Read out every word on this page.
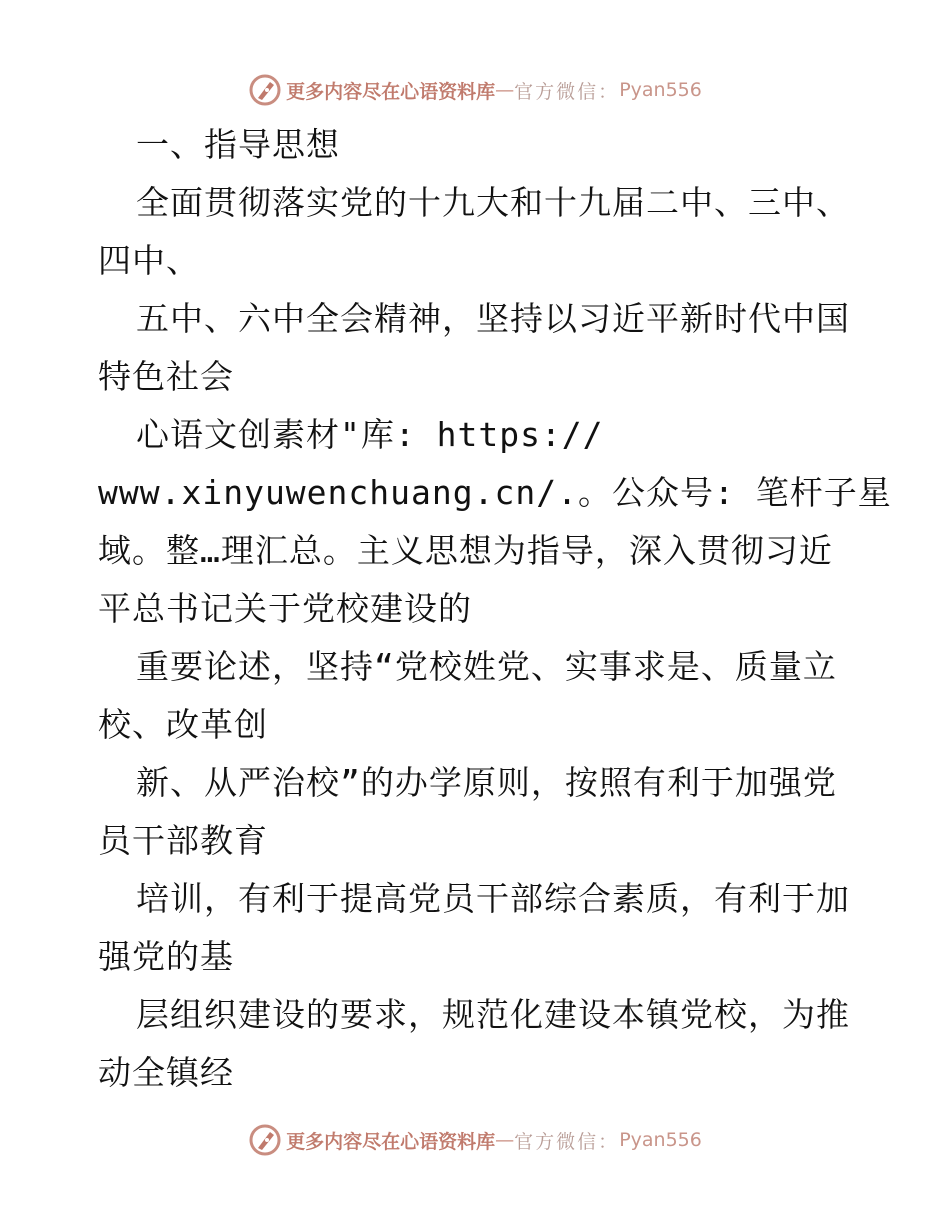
更多内容尽在心语资料库 — 官方微信： Pyan556
一、指导思想
全面贯彻落实党的十九大和十九届二中、三中、
四中、
五中、六中全会精神，坚持以习近平新时代中国
特色社会
心语文创素材"库: https://
www.xinyuwenchuang.cn/.。公众号: 笔杆子星
域。整…理汇总。主义思想为指导，深入贯彻习近
平总书记关于党校建设的
重要论述，坚持“党校姓党、实事求是、质量立
校、改革创
新、从严治校”的办学原则，按照有利于加强党
员干部教育
培训，有利于提高党员干部综合素质，有利于加
强党的基
层组织建设的要求，规范化建设本镇党校，为推
动全镇经
更多内容尽在心语资料库 — 官方微信： Pyan556
